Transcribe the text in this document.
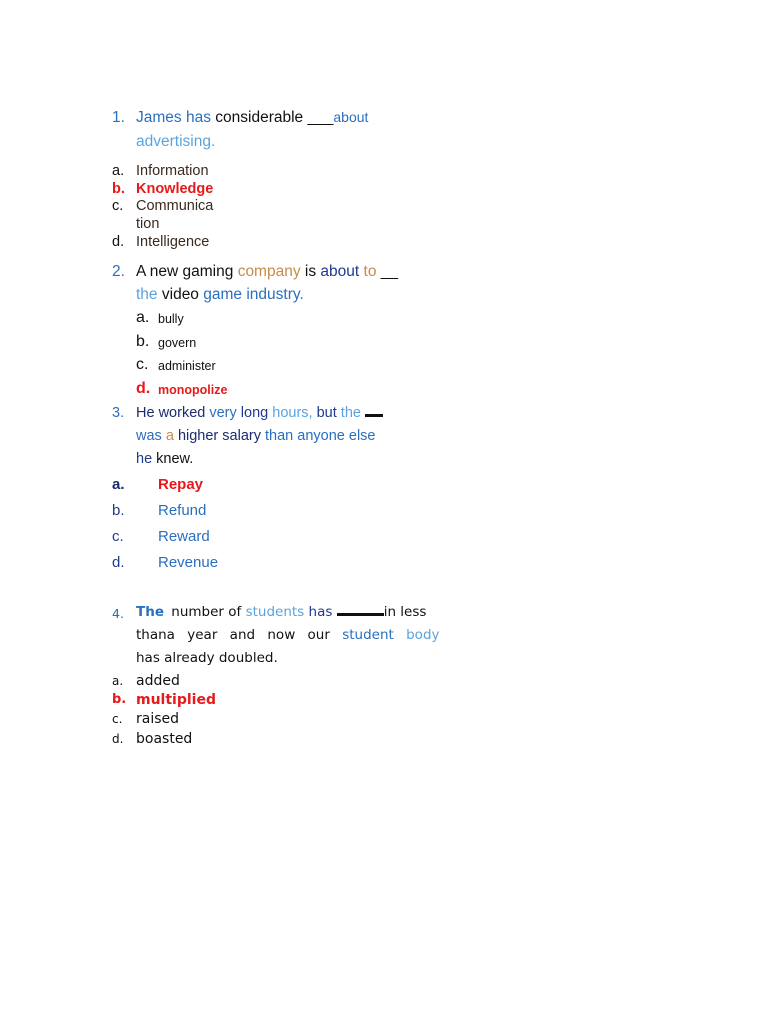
1. James has considerable ___about
advertising.
a. Information
b. Knowledge
c. Communica
tion
d. Intelligence
2. A new gaming company is about to __
the video game industry.
a. bully
b. govern
c. administer
d. monopolize
3. He worked very long hours, but the
was a higher salary than anyone else
he knew.
a. Repay
b. Refund
c. Reward
d. Revenue
4. The number of students has	in less
thana year and now our student body
has already doubled.
a. added
b. multiplied
c. raised
d. boasted
